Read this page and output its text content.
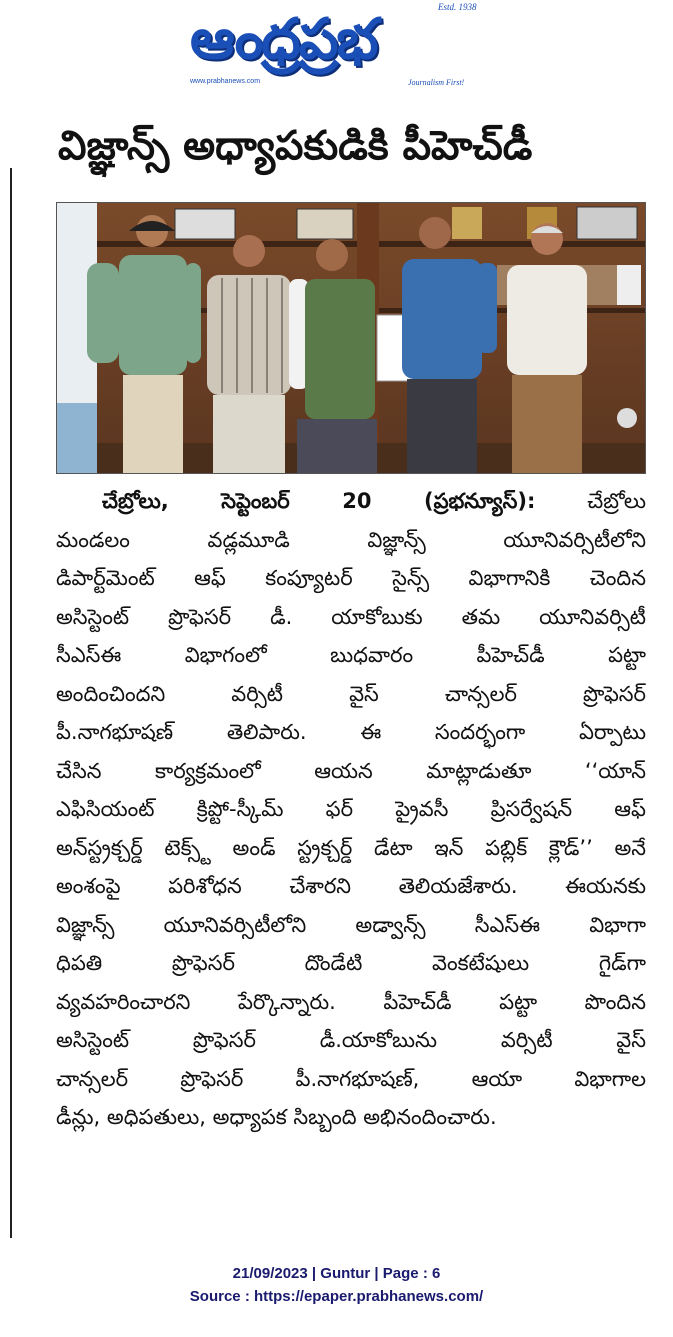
ఆంధ్రప్రభ	Estd. 1938
www.prabhanews.com	Journalism First!
విజ్ఞాన్స్ అధ్యాపకుడికి పీహెచ్‌డీ
చేబ్రోలు, సెప్టెంబర్ 20 (ప్రభన్యూస్): చేబ్రోలు
మండలం వడ్లమూడి విజ్ఞాన్స్ యూనివర్సిటీలోని
డిపార్ట్‌మెంట్ ఆఫ్ కంప్యూటర్ సైన్స్ విభాగానికి చెందిన
అసిస్టెంట్ ప్రొఫెసర్ డీ. యాకోబుకు తమ యూనివర్సిటీ
సీఎస్ఈ విభాగంలో బుధవారం పీహెచ్‌డీ పట్టా
అందించిందని వర్సిటీ వైస్ చాన్సలర్ ప్రొఫెసర్
పీ.నాగభూషణ్ తెలిపారు. ఈ సందర్భంగా ఏర్పాటు
చేసిన కార్యక్రమంలో ఆయన మాట్లాడుతూ ‘‘యాన్
ఎఫిసియంట్ క్రిప్టో-స్కీమ్ ఫర్ ప్రైవసీ ప్రిసర్వేషన్ ఆఫ్
అన్‌స్ట్రక్చర్డ్ టెక్స్ట్ అండ్ స్ట్రక్చర్డ్ డేటా ఇన్ పబ్లిక్ క్లౌడ్’’ అనే
అంశంపై పరిశోధన చేశారని తెలియజేశారు. ఈయనకు
విజ్ఞాన్స్ యూనివర్సిటీలోని అడ్వాన్స్ సీఎస్ఈ విభాగా
ధిపతి ప్రొఫెసర్ దొండేటి వెంకటేషులు గైడ్‌గా
వ్యవహరించారని పేర్కొన్నారు. పీహెచ్‌డీ పట్టా పొందిన
అసిస్టెంట్ ప్రొఫెసర్ డీ.యాకోబును వర్సిటీ వైస్
చాన్సలర్ ప్రొఫెసర్ పీ.నాగభూషణ్, ఆయా విభాగాల
డీన్లు, అధిపతులు, అధ్యాపక సిబ్బంది అభినందించారు.
21/09/2023 | Guntur | Page : 6
Source : https://epaper.prabhanews.com/
